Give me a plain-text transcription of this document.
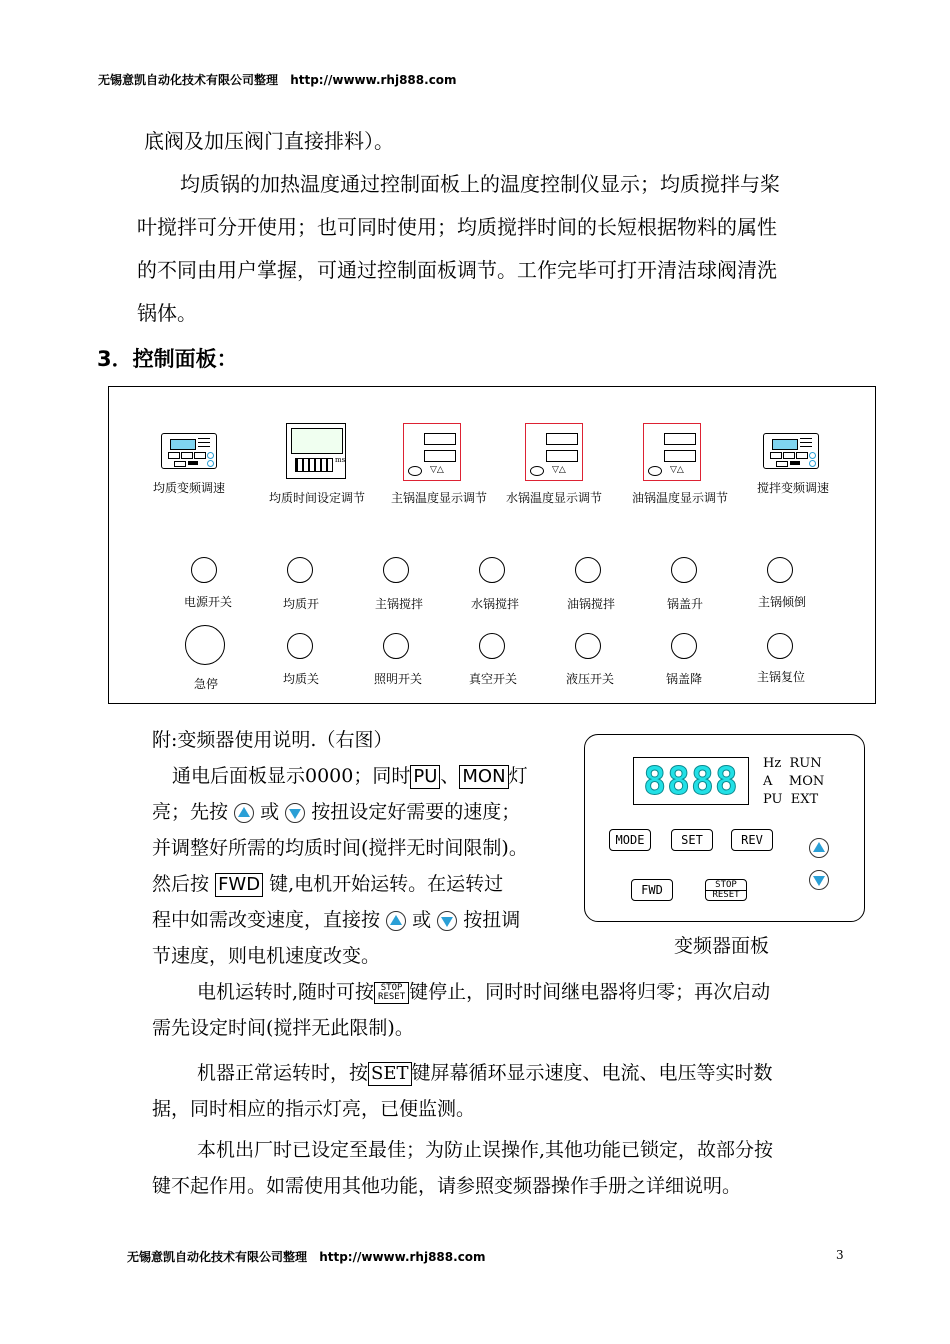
无锡意凯自动化技术有限公司整理 http://wwww.rhj888.com
底阀及加压阀门直接排料）。
均质锅的加热温度通过控制面板上的温度控制仪显示；均质搅拌与桨
叶搅拌可分开使用；也可同时使用；均质搅拌时间的长短根据物料的属性
的不同由用户掌握，可通过控制面板调节。工作完毕可打开清洁球阀清洗
锅体。
3．控制面板：
ms
▽△	▽△	▽△
均质变频调速
均质时间设定调节 主锅温度显示调节 水锅温度显示调节 油锅温度显示调节
搅拌变频调速
电源开关	均质开	主锅搅拌	水锅搅拌	油锅搅拌	锅盖升	主锅倾倒
急停	均质关	照明开关	真空开关	液压开关	锅盖降	主锅复位
附:变频器使用说明.（右图）
通电后面板显示0000；同时 PU 、 MON 灯
亮；先按 或 按扭设定好需要的速度；
并调整好所需的均质时间(搅拌无时间限制)。
然后按 FWD 键,电机开始运转。在运转过
程中如需改变速度，直接按 或 按扭调
节速度，则电机速度改变。
8888	Hz RUN
A MON
PU EXT
MODE	SET	REV
FWD	STOP
RESET
变频器面板
电机运转时,随时可按 STOP
RESET 键停止，同时时间继电器将归零；再次启动
需先设定时间(搅拌无此限制)。
机器正常运转时，按 SET 键屏幕循环显示速度、电流、电压等实时数
据，同时相应的指示灯亮，已便监测。
本机出厂时已设定至最佳；为防止误操作,其他功能已锁定，故部分按
键不起作用。如需使用其他功能，请参照变频器操作手册之详细说明。
无锡意凯自动化技术有限公司整理 http://wwww.rhj888.com	3
